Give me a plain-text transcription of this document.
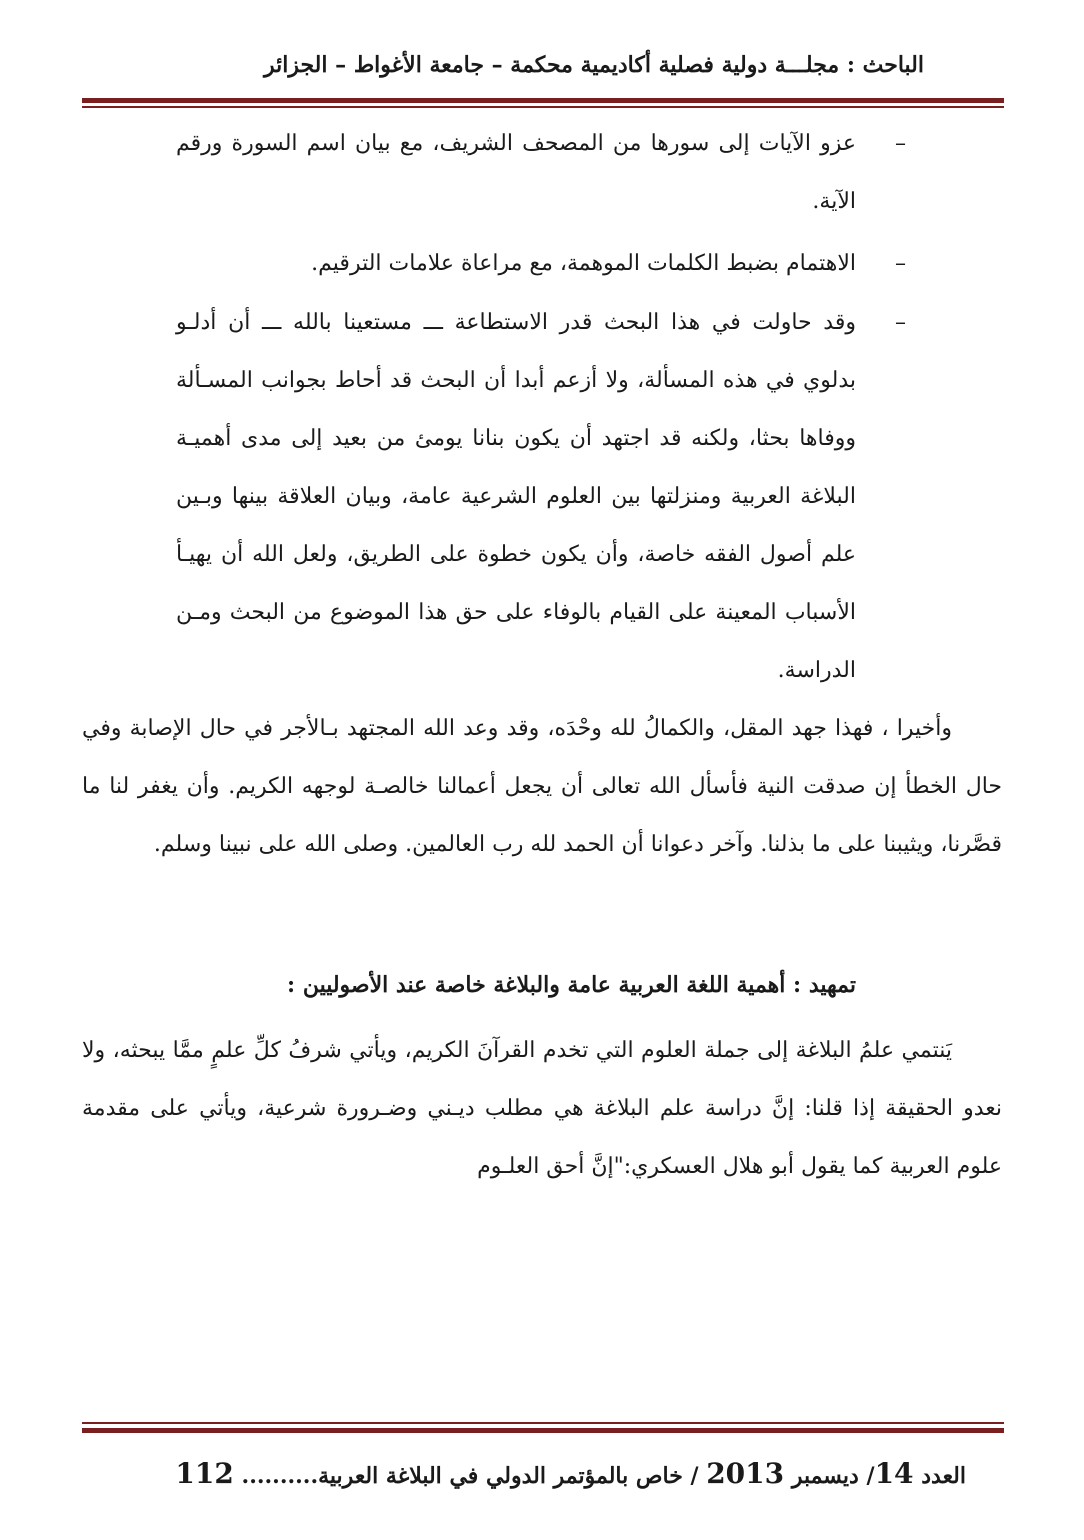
الباحث : مجلـــة دولية فصلية أكاديمية محكمة – جامعة الأغواط – الجزائر
–
عزو الآيات إلى سورها من المصحف الشريف، مع بيان اسم السورة ورقم الآية.
–
الاهتمام بضبط الكلمات الموهمة، مع مراعاة علامات الترقيم.
–
وقد حاولت في هذا البحث قدر الاستطاعة ـــ مستعينا بالله ـــ أن أدلـو بدلوي في هذه المسألة، ولا أزعم أبدا أن البحث قد أحاط بجوانب المسـألة ووفاها بحثا، ولكنه قد اجتهد أن يكون بنانا يومئ من بعيد إلى مدى أهميـة البلاغة العربية ومنزلتها بين العلوم الشرعية عامة، وبيان العلاقة بينها وبـين علم أصول الفقه خاصة، وأن يكون خطوة على الطريق، ولعل الله أن يهيـأ الأسباب المعينة على القيام بالوفاء على حق هذا الموضوع من البحث ومـن الدراسة.
وأخيرا ، فهذا جهد المقل، والكمالُ لله وحْدَه، وقد وعد الله المجتهد بـالأجر في حال الإصابة وفي حال الخطأ إن صدقت النية فأسأل الله تعالى أن يجعل أعمالنا خالصـة لوجهه الكريم. وأن يغفر لنا ما قصَّرنا، ويثيبنا على ما بذلنا. وآخر دعوانا أن الحمد لله رب العالمين. وصلى الله على نبينا وسلم.
تمهيد : أهمية اللغة العربية عامة والبلاغة خاصة عند الأصوليين :
يَنتمي علمُ البلاغة إلى جملة العلوم التي تخدم القرآنَ الكريم، ويأتي شرفُ كلِّ علمٍ ممَّا يبحثه، ولا نعدو الحقيقة إذا قلنا: إنَّ دراسة علم البلاغة هي مطلب ديـني وضـرورة شرعية، ويأتي على مقدمة علوم العربية كما يقول أبو هلال العسكري:"إنَّ أحق العلـوم
العدد 14/ ديسمبر 2013 / خاص بالمؤتمر الدولي في البلاغة العربية.......... 112
